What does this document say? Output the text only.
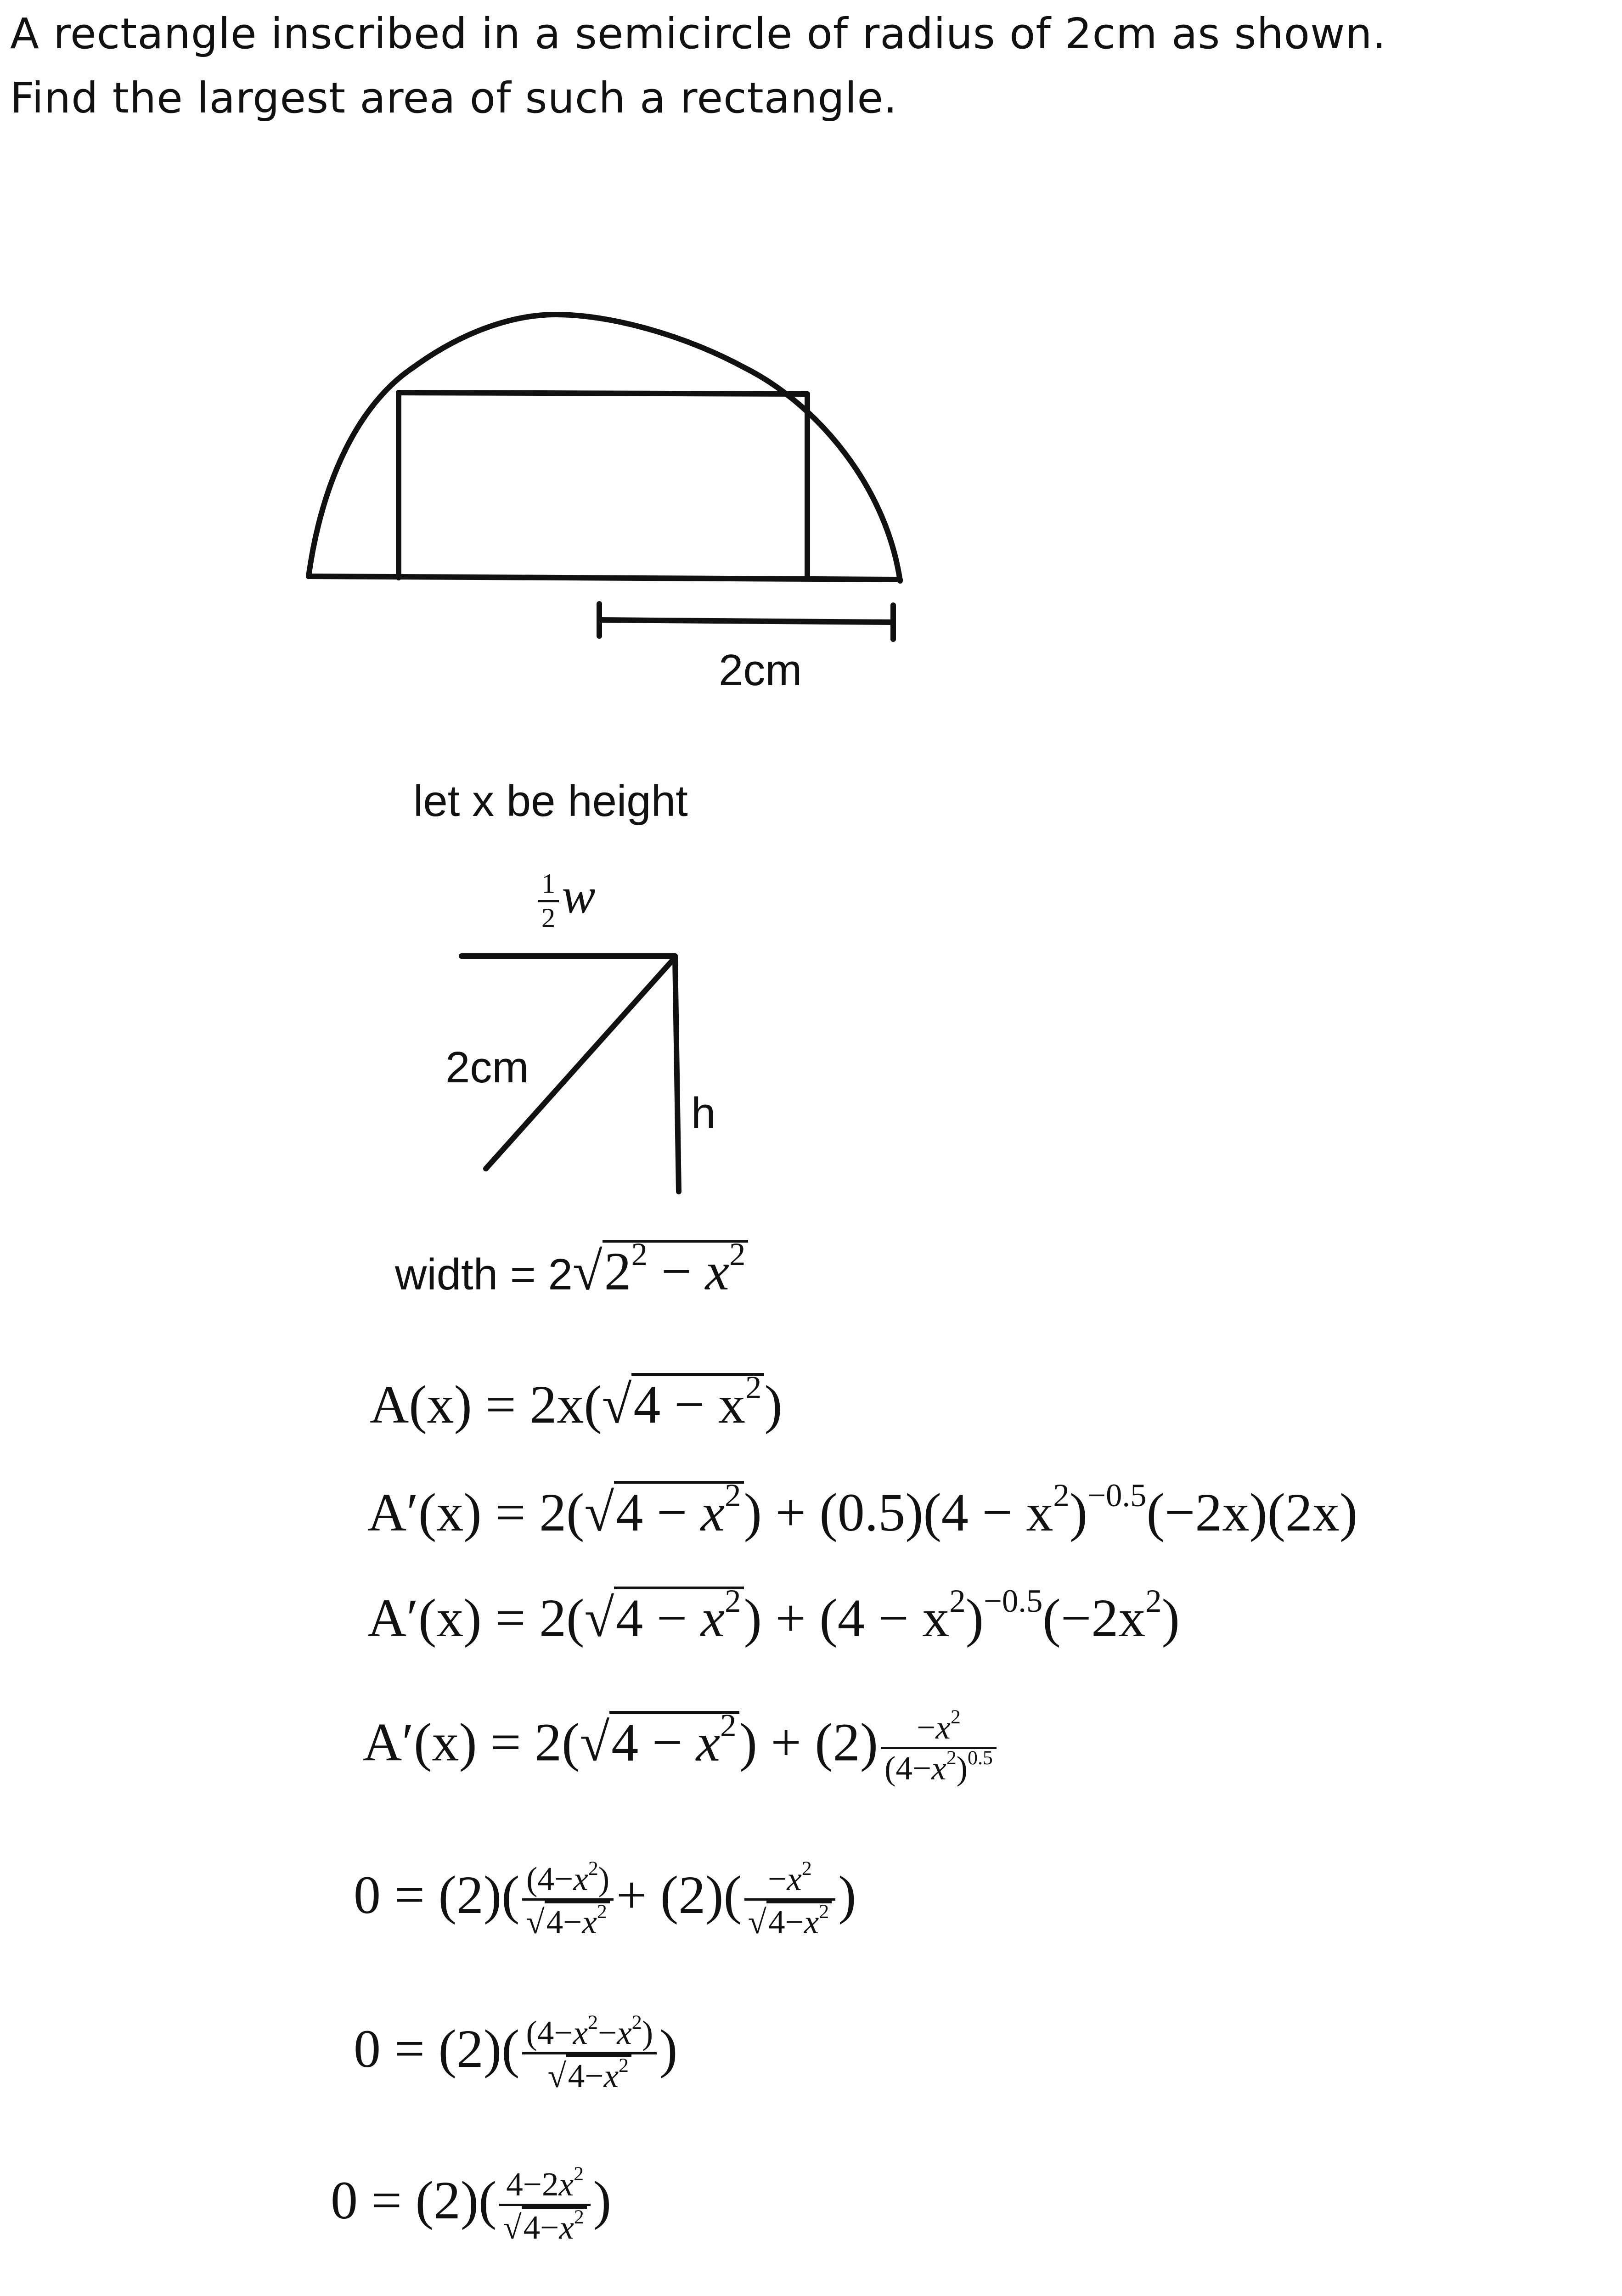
A rectangle inscribed in a semicircle of radius of 2cm as shown.
Find the largest area of such a rectangle.
2cm
let x be height
$\frac{1}{2}$ w
2cm
h
width = $2√2^2 - x^2$
$A(x) = 2x(√4 - x^2)$
$A'(x) = 2(√4 - x^2) + (0.5)(4 - x^2)^{-0.5}(-2x)(2x)$
$A'(x) = 2(√4 - x^2) + (4 - x^2)^{-0.5}(-2x^2)$
$A'(x) = 2(√4 - x^2) + (2) \frac{-x^2}{(4-x^2)^{0.5}}$
$0 = (2)( \frac{(4-x^2)}{√4-x^2} + (2)( \frac{-x^2}{√4-x^2}$ )
$0 = (2)( \frac{(4-x^2-x^2)}{√4-x^2}$ )
$0 = (2)( \frac{4-2x^2}{√4-x^2}$ )
